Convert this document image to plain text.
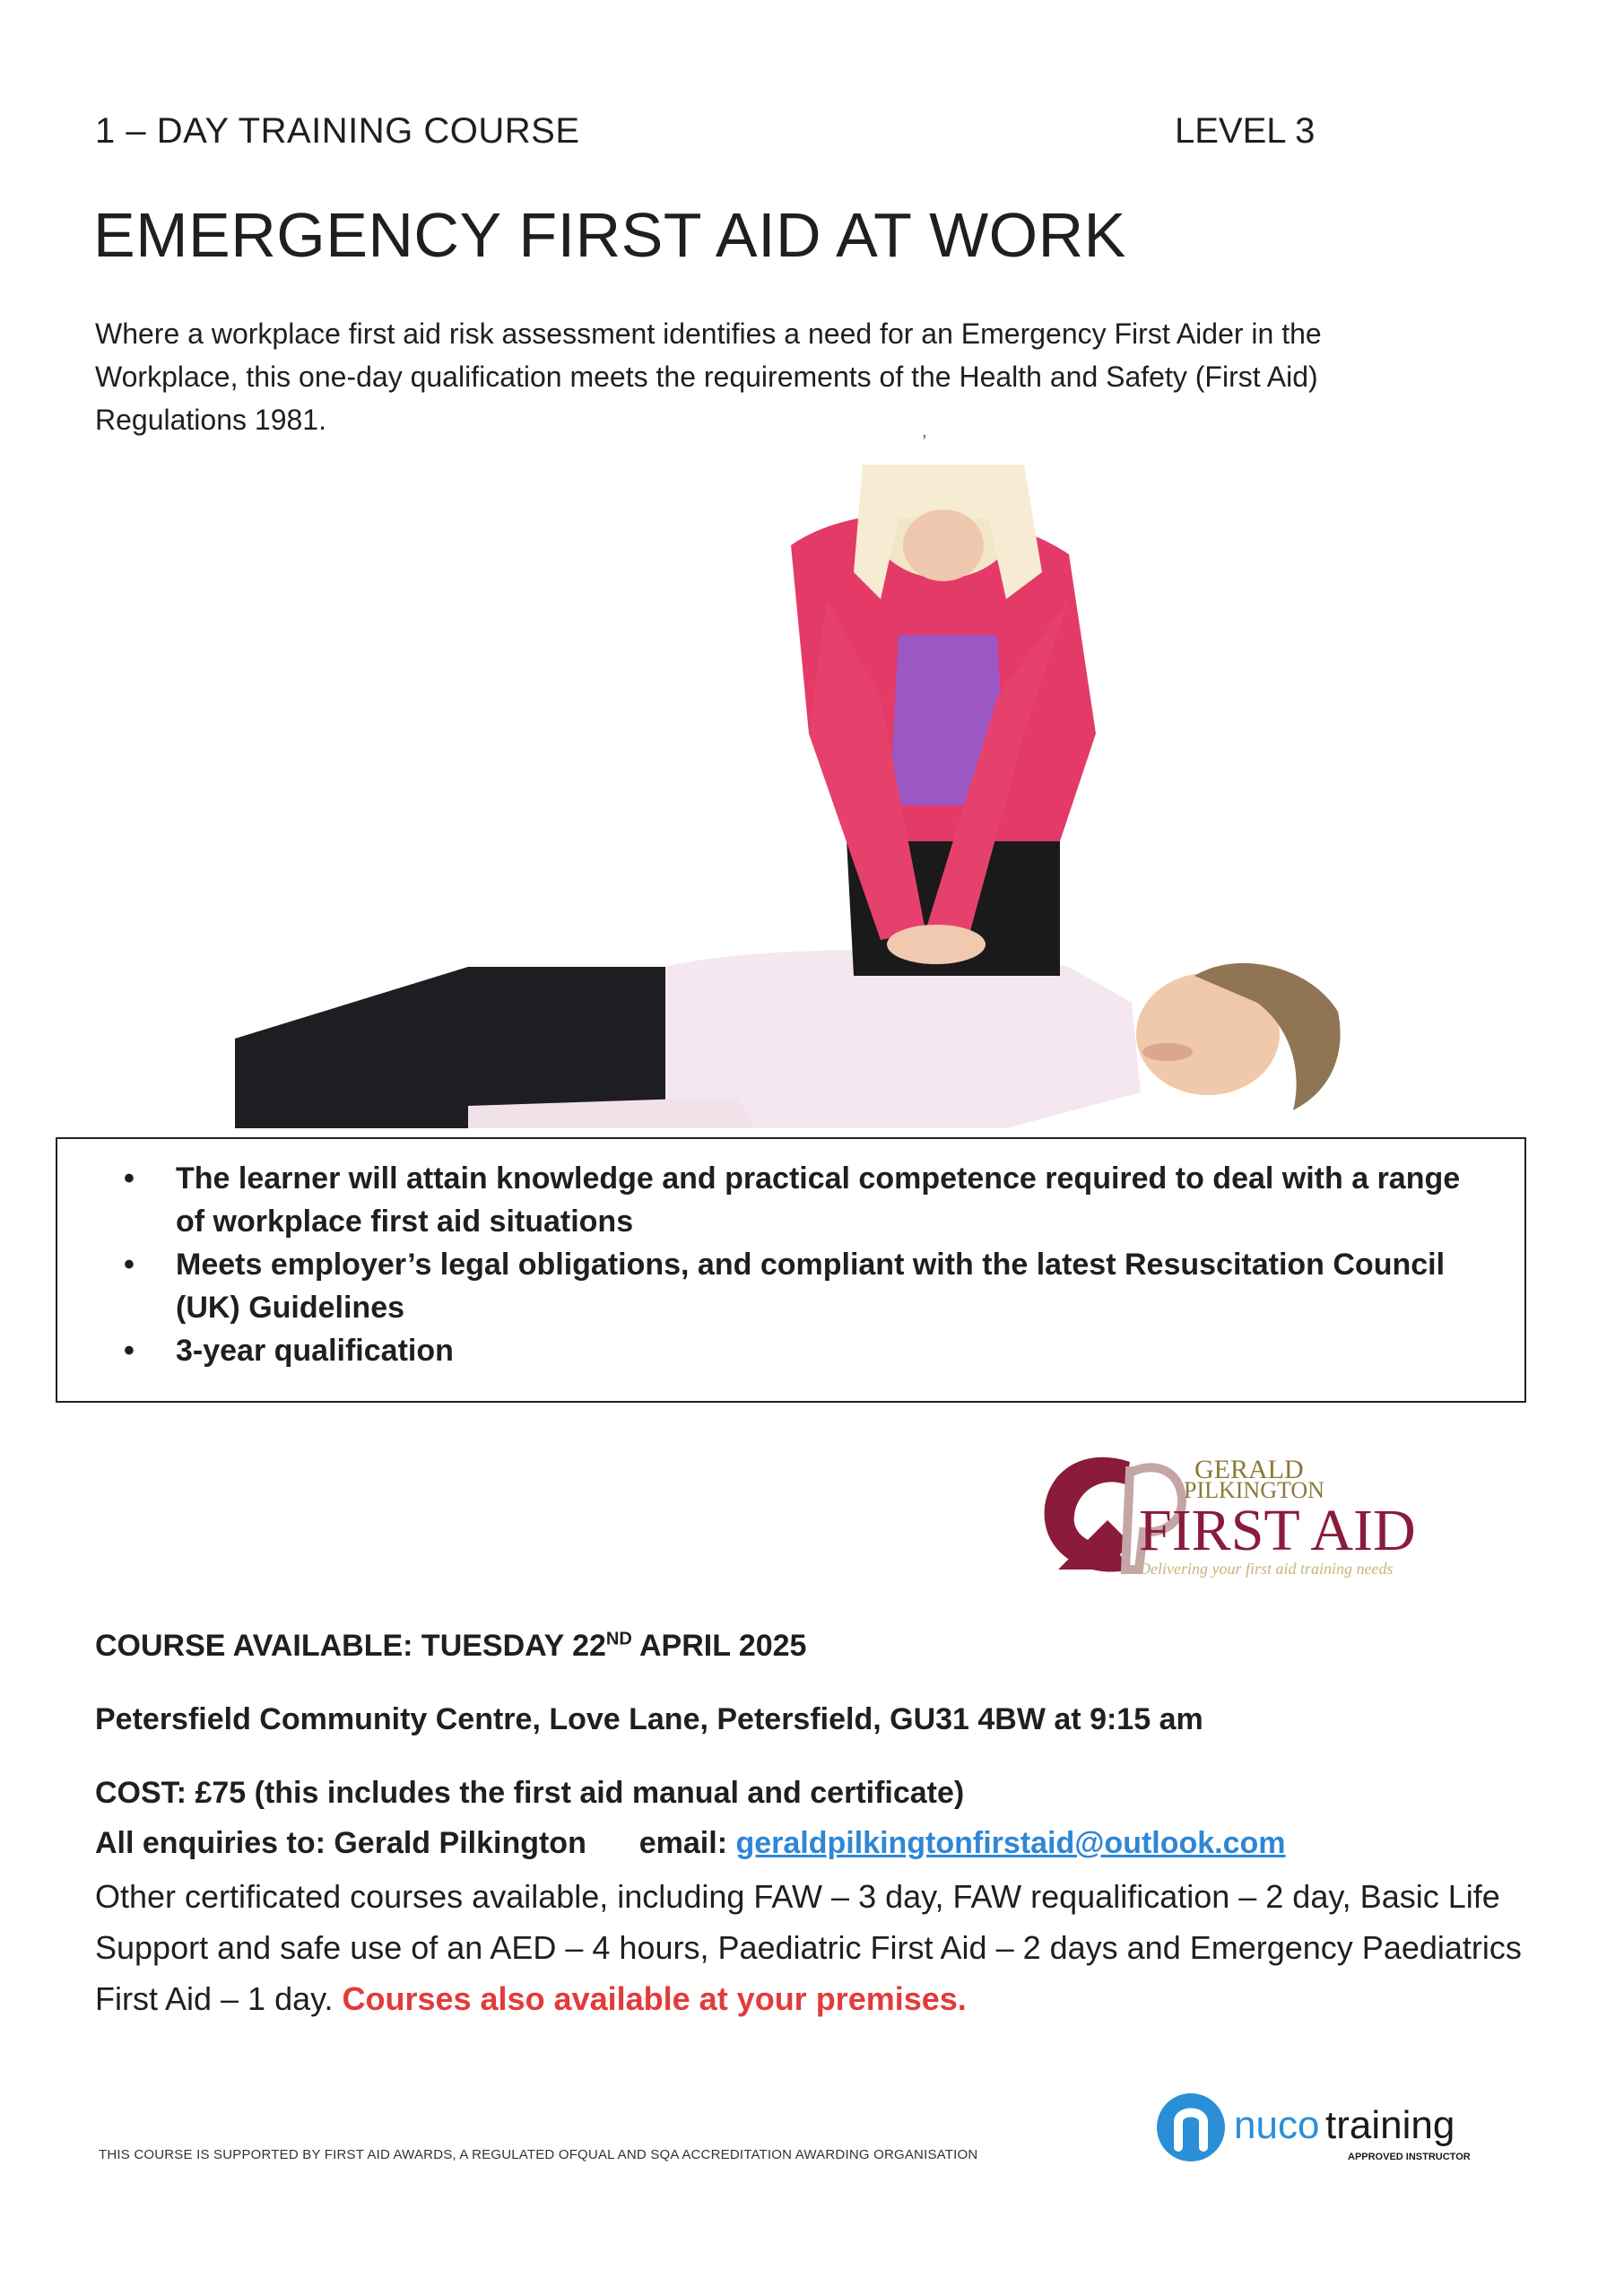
1 – DAY TRAINING COURSE	LEVEL 3
EMERGENCY FIRST AID AT WORK
Where a workplace first aid risk assessment identifies a need for an Emergency First Aider in the Workplace, this one-day qualification meets the requirements of the Health and Safety (First Aid) Regulations 1981.	,
• The learner will attain knowledge and practical competence required to deal with a range of workplace first aid situations
• Meets employer’s legal obligations, and compliant with the latest Resuscitation Council (UK) Guidelines
• 3-year qualification
GERALD
PILKINGTON
FIRST AID
Delivering your first aid training needs
COURSE AVAILABLE: TUESDAY 22ND APRIL 2025
Petersfield Community Centre, Love Lane, Petersfield, GU31 4BW at 9:15 am
COST: £75 (this includes the first aid manual and certificate)
All enquiries to: Gerald Pilkington email: geraldpilkingtonfirstaid@outlook.com
Other certificated courses available, including FAW – 3 day, FAW requalification – 2 day, Basic Life Support and safe use of an AED – 4 hours, Paediatric First Aid – 2 days and Emergency Paediatrics First Aid – 1 day. Courses also available at your premises.
THIS COURSE IS SUPPORTED BY FIRST AID AWARDS, A REGULATED OFQUAL AND SQA ACCREDITATION AWARDING ORGANISATION
nuco training
APPROVED INSTRUCTOR
